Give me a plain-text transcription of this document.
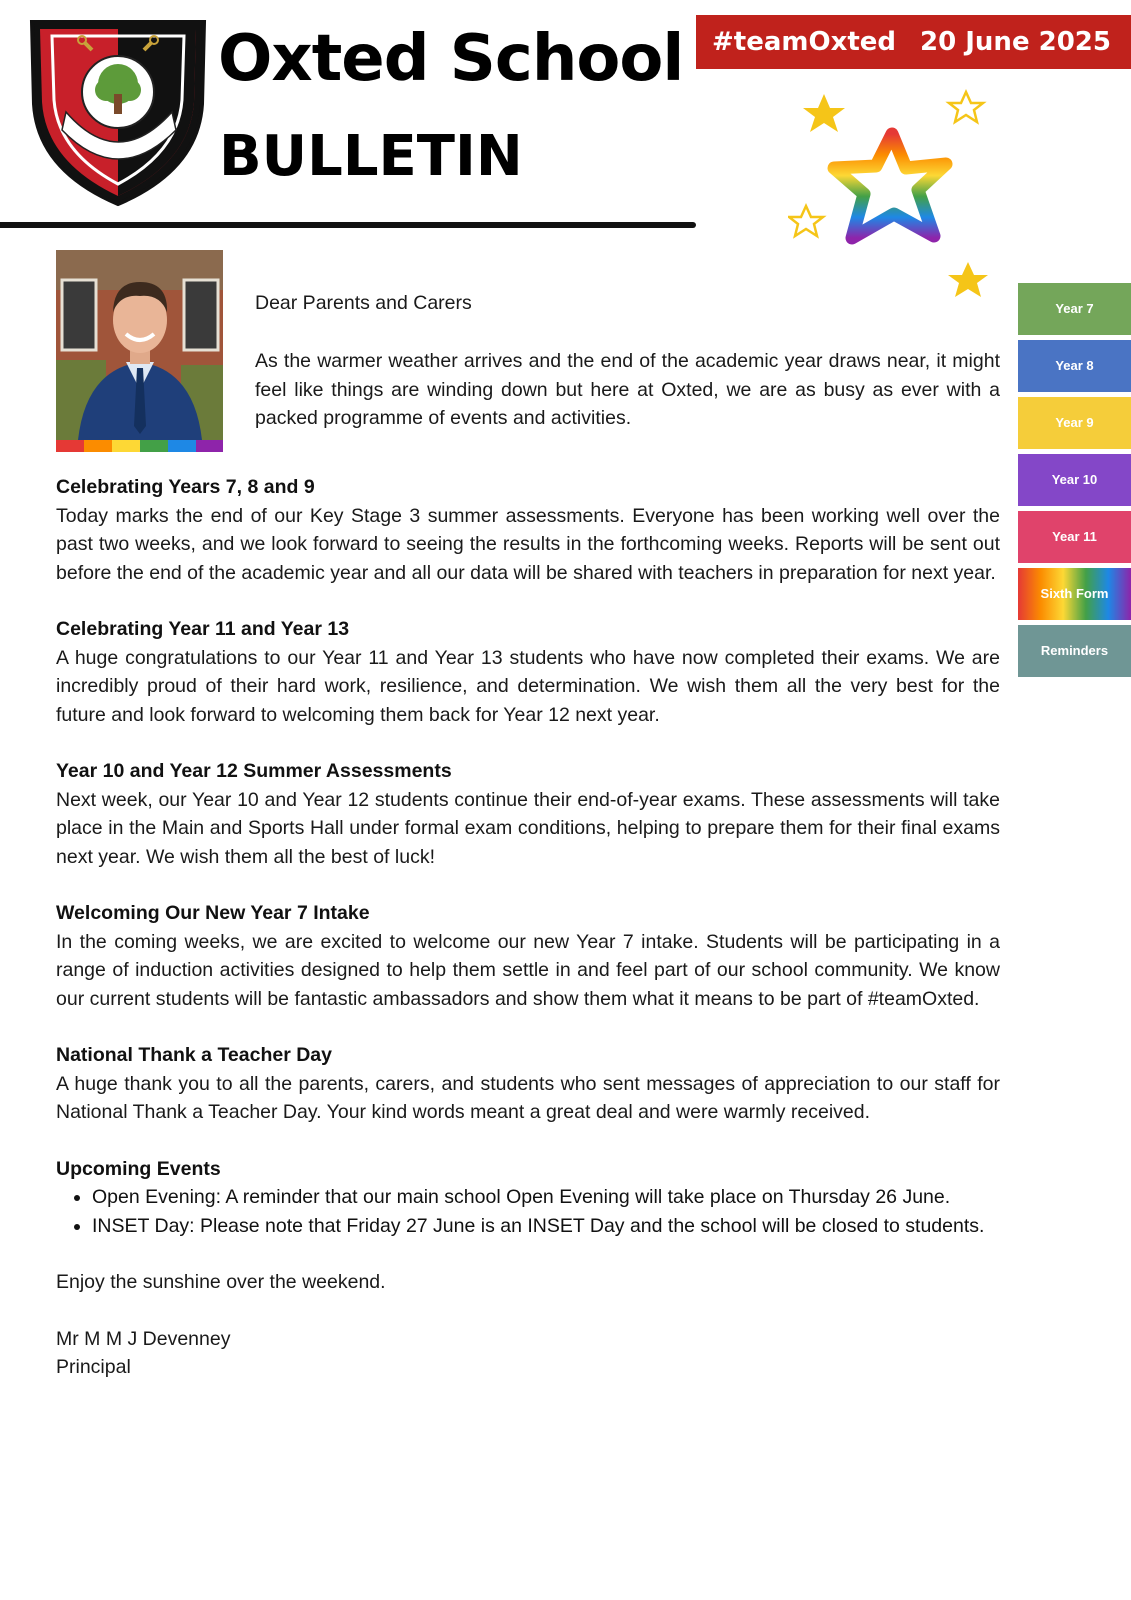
Oxted School
BULLETIN
#teamOxted 20 June 2025
Year 7
Year 8
Year 9
Year 10
Year 11
Sixth Form
Reminders

Dear Parents and Carers

As the warmer weather arrives and the end of the academic year draws near, it might feel like things are winding down but here at Oxted, we are as busy as ever with a packed programme of events and activities.

Celebrating Years 7, 8 and 9

Today marks the end of our Key Stage 3 summer assessments. Everyone has been working well over the past two weeks, and we look forward to seeing the results in the forthcoming weeks. Reports will be sent out before the end of the academic year and all our data will be shared with teachers in preparation for next year.

Celebrating Year 11 and Year 13

A huge congratulations to our Year 11 and Year 13 students who have now completed their exams. We are incredibly proud of their hard work, resilience, and determination. We wish them all the very best for the future and look forward to welcoming them back for Year 12 next year.

Year 10 and Year 12 Summer Assessments

Next week, our Year 10 and Year 12 students continue their end-of-year exams. These assessments will take place in the Main and Sports Hall under formal exam conditions, helping to prepare them for their final exams next year. We wish them all the best of luck!

Welcoming Our New Year 7 Intake

In the coming weeks, we are excited to welcome our new Year 7 intake. Students will be participating in a range of induction activities designed to help them settle in and feel part of our school community. We know our current students will be fantastic ambassadors and show them what it means to be part of #teamOxted.

National Thank a Teacher Day

A huge thank you to all the parents, carers, and students who sent messages of appreciation to our staff for National Thank a Teacher Day. Your kind words meant a great deal and were warmly received.

Upcoming Events
• Open Evening: A reminder that our main school Open Evening will take place on Thursday 26 June.
• INSET Day: Please note that Friday 27 June is an INSET Day and the school will be closed to students.

Enjoy the sunshine over the weekend.

Mr M M J Devenney

Principal
